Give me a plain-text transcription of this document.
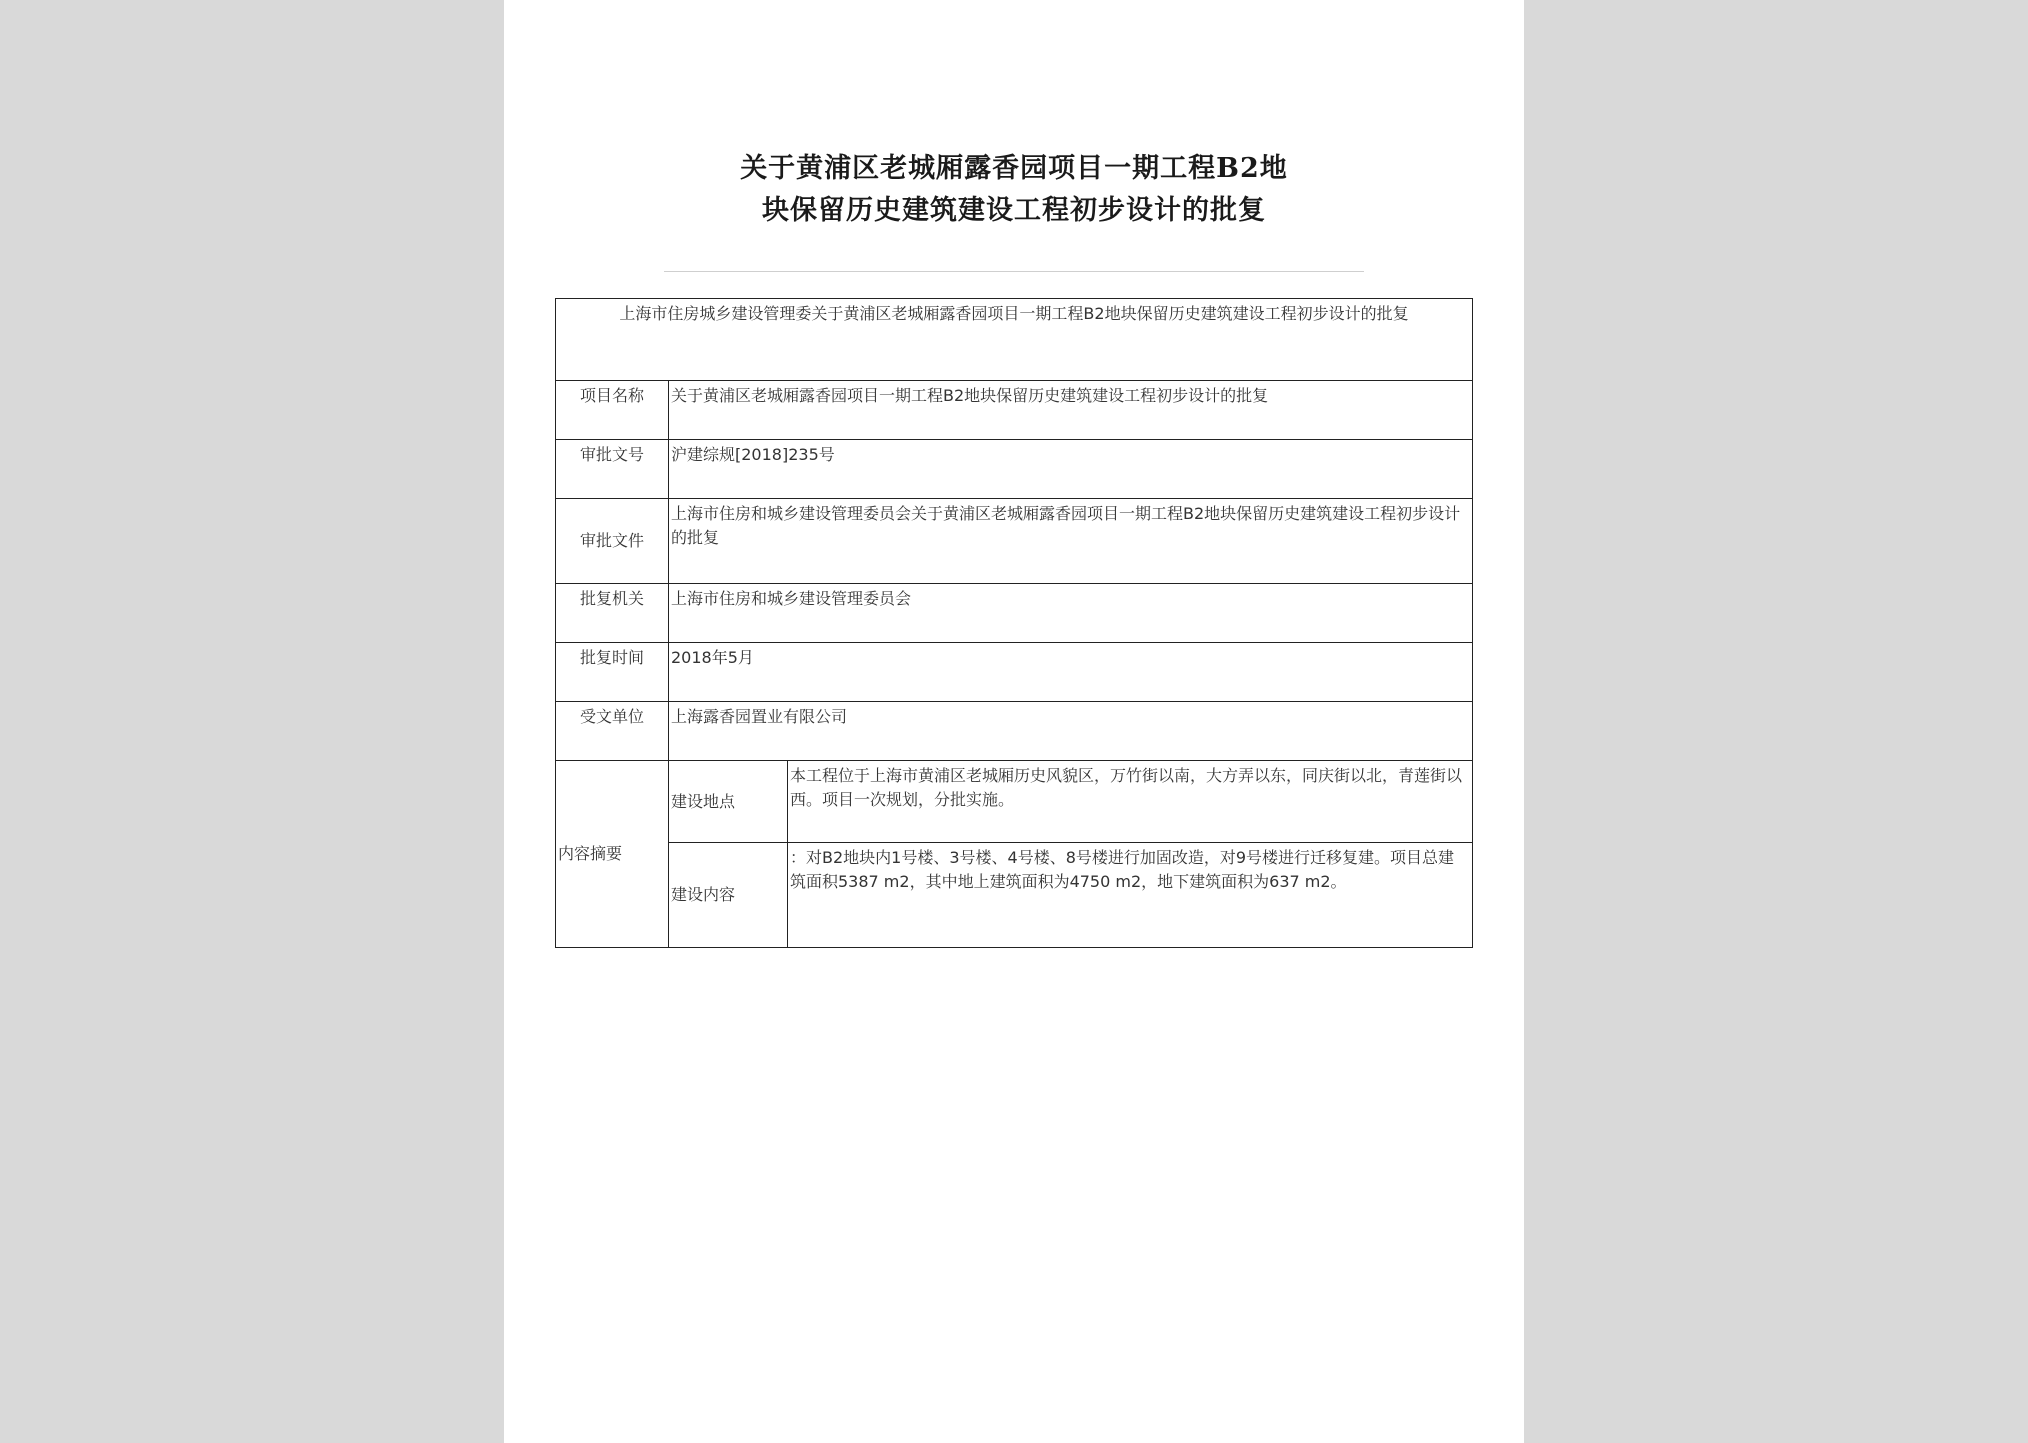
关于黄浦区老城厢露香园项目一期工程B2地
块保留历史建筑建设工程初步设计的批复
上海市住房城乡建设管理委关于黄浦区老城厢露香园项目一期工程B2地块保留历史建筑建设工程初步设计的批复		
项目名称	关于黄浦区老城厢露香园项目一期工程B2地块保留历史建筑建设工程初步设计的批复	
审批文号	沪建综规[2018]235号	
审批文件	上海市住房和城乡建设管理委员会关于黄浦区老城厢露香园项目一期工程B2地块保留历史建筑建设工程初步设计的批复	
批复机关	上海市住房和城乡建设管理委员会	
批复时间	2018年5月	
受文单位	上海露香园置业有限公司	
内容摘要	建设地点	本工程位于上海市黄浦区老城厢历史风貌区，万竹街以南，大方弄以东，同庆街以北，青莲街以西。项目一次规划，分批实施。
	建设内容	：对B2地块内1号楼、3号楼、4号楼、8号楼进行加固改造，对9号楼进行迁移复建。项目总建筑面积5387 m2，其中地上建筑面积为4750 m2，地下建筑面积为637 m2。
